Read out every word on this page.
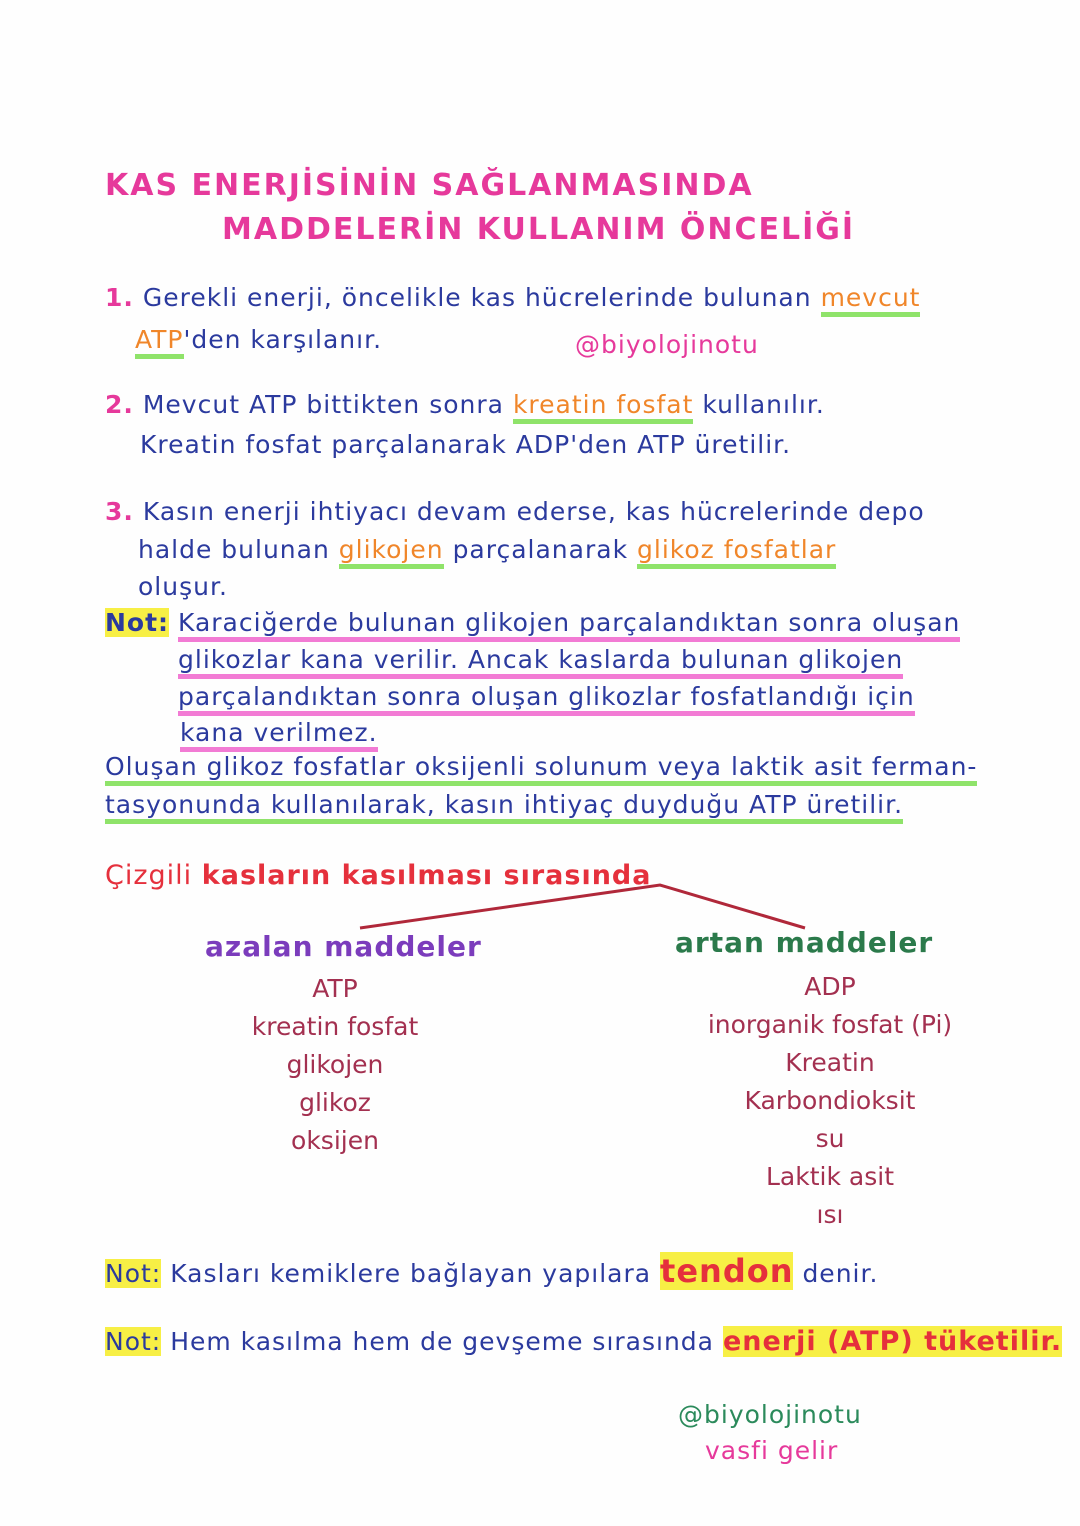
KAS ENERJİSİNİN SAĞLANMASINDA
MADDELERİN KULLANIM ÖNCELİĞİ
1. Gerekli enerji, öncelikle kas hücrelerinde bulunan mevcut
ATP'den karşılanır.	@biyolojinotu
2. Mevcut ATP bittikten sonra kreatin fosfat kullanılır.
Kreatin fosfat parçalanarak ADP'den ATP üretilir.
3. Kasın enerji ihtiyacı devam ederse, kas hücrelerinde depo
halde bulunan glikojen parçalanarak glikoz fosfatlar
oluşur.
Not: Karaciğerde bulunan glikojen parçalandıktan sonra oluşan
glikozlar kana verilir. Ancak kaslarda bulunan glikojen
parçalandıktan sonra oluşan glikozlar fosfatlandığı için
kana verilmez.
Oluşan glikoz fosfatlar oksijenli solunum veya laktik asit ferman-
tasyonunda kullanılarak, kasın ihtiyaç duyduğu ATP üretilir.
Çizgili kasların kasılması sırasında
azalan maddeler	artan maddeler
ATP
kreatin fosfat
glikojen
glikoz
oksijen
ADP
inorganik fosfat (Pi)
Kreatin
Karbondioksit
su
Laktik asit
ısı
Not: Kasları kemiklere bağlayan yapılara tendon denir.
Not: Hem kasılma hem de gevşeme sırasında enerji (ATP) tüketilir.
@biyolojinotu
vasfi gelir
